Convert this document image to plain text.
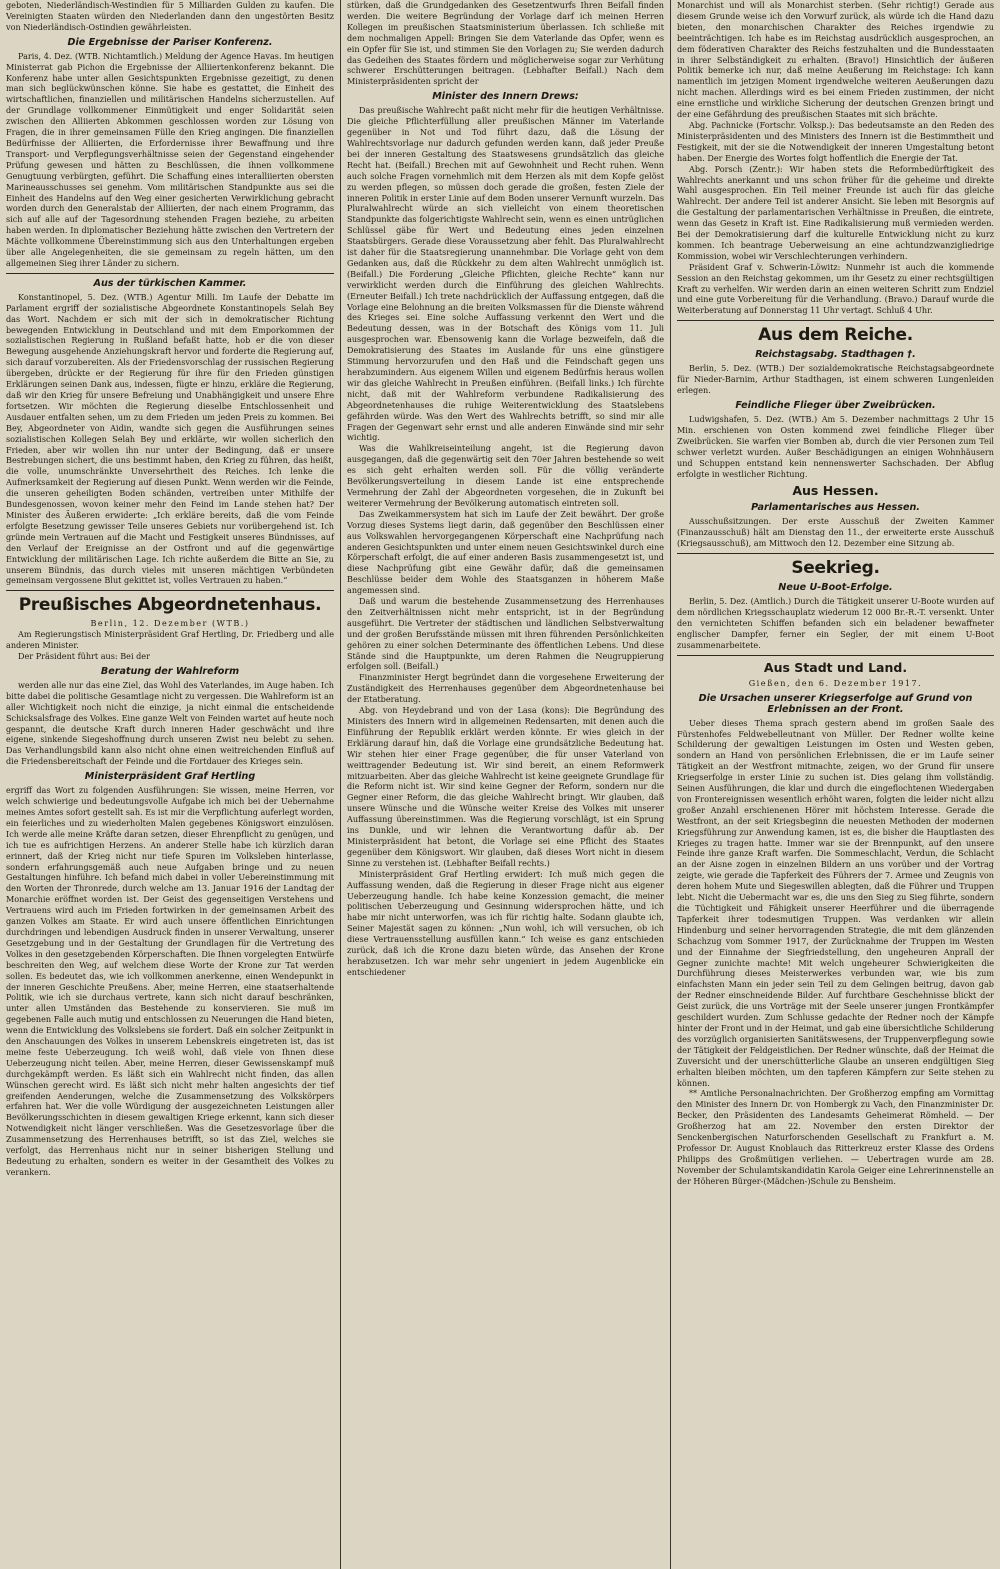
geboten, Niederländisch-Westindien für 5 Milliarden Gulden zu kaufen. Die Vereinigten Staaten würden den Niederlanden dann den ungestörten Besitz von Niederländisch-Ostindien gewährleisten.

Die Ergebnisse der Pariser Konferenz.

Paris, 4. Dez. (WTB. Nichtamtlich.) Meldung der Agence Havas. Im heutigen Ministerrat gab Pichon die Ergebnisse der Alliiertenkonferenz bekannt. Die Konferenz habe unter allen Gesichtspunkten Ergebnisse gezeitigt, zu denen man sich beglückwünschen könne. Sie habe es gestattet, die Einheit des wirtschaftlichen, finanziellen und militärischen Handelns sicherzustellen. Auf der Grundlage vollkommener Einmütigkeit und enger Solidarität seien zwischen den Alliierten Abkommen geschlossen worden zur Lösung von Fragen, die in ihrer gemeinsamen Fülle den Krieg angingen. Die finanziellen Bedürfnisse der Alliierten, die Erfordernisse ihrer Bewaffnung und ihre Transport- und Verpflegungsverhältnisse seien der Gegenstand eingehender Prüfung gewesen und hätten zu Beschlüssen, die ihnen vollkommene Genugtuung verbürgten, geführt. Die Schaffung eines interalliierten obersten Marineausschusses sei genehm. Vom militärischen Standpunkte aus sei die Einheit des Handelns auf den Weg einer gesicherten Verwirklichung gebracht worden durch den Generalstab der Alliierten, der nach einem Programm, das sich auf alle auf der Tagesordnung stehenden Fragen beziehe, zu arbeiten haben werden. In diplomatischer Beziehung hätte zwischen den Vertretern der Mächte vollkommene Übereinstimmung sich aus den Unterhaltungen ergeben über alle Angelegenheiten, die sie gemeinsam zu regeln hätten, um den allgemeinen Sieg ihrer Länder zu sichern.

Aus der türkischen Kammer.

Konstantinopel, 5. Dez. (WTB.) Agentur Milli. Im Laufe der Debatte im Parlament ergriff der sozialistische Abgeordnete Konstantinopels Selah Bey das Wort. Nachdem er sich mit der sich in demokratischer Richtung bewegenden Entwicklung in Deutschland und mit dem Emporkommen der sozialistischen Regierung in Rußland befaßt hatte, hob er die von dieser Bewegung ausgehende Anziehungskraft hervor und forderte die Regierung auf, sich darauf vorzubereiten. Als der Friedensvorschlag der russischen Regierung übergeben, drückte er der Regierung für ihre für den Frieden günstigen Erklärungen seinen Dank aus, indessen, fügte er hinzu, erkläre die Regierung, daß wir den Krieg für unsere Befreiung und Unabhängigkeit und unsere Ehre fortsetzen. Wir möchten die Regierung dieselbe Entschlossenheit und Ausdauer entfalten sehen, um zu dem Frieden um jeden Preis zu kommen. Bei Bey, Abgeordneter von Aidin, wandte sich gegen die Ausführungen seines sozialistischen Kollegen Selah Bey und erklärte, wir wollen sicherlich den Frieden, aber wir wollen ihn nur unter der Bedingung, daß er unsere Bestrebungen sichert, die uns bestimmt haben, den Krieg zu führen, das heißt, die volle, unumschränkte Unversehrtheit des Reiches. Ich lenke die Aufmerksamkeit der Regierung auf diesen Punkt. Wenn werden wir die Feinde, die unseren geheiligten Boden schänden, vertreiben unter Mithilfe der Bundesgenossen, wovon keiner mehr den Feind im Lande stehen hat? Der Minister des Äußeren erwiderte: „Ich erkläre bereits, daß die vom Feinde erfolgte Besetzung gewisser Teile unseres Gebiets nur vorübergehend ist. Ich gründe mein Vertrauen auf die Macht und Festigkeit unseres Bündnisses, auf den Verlauf der Ereignisse an der Ostfront und auf die gegenwärtige Entwicklung der militärischen Lage. Ich richte außerdem die Bitte an Sie, zu unserem Bündnis, das durch vieles mit unseren mächtigen Verbündeten gemeinsam vergossene Blut gekittet ist, volles Vertrauen zu haben.“

Preußisches Abgeordnetenhaus.

Berlin, 12. Dezember (WTB.)

Am Regierungstisch Ministerpräsident Graf Hertling, Dr. Friedberg und alle anderen Minister.

Der Präsident führt aus: Bei der

Beratung der Wahlreform

werden alle nur das eine Ziel, das Wohl des Vaterlandes, im Auge haben. Ich bitte dabei die politische Gesamtlage nicht zu vergessen. Die Wahlreform ist an aller Wichtigkeit noch nicht die einzige, ja nicht einmal die entscheidende Schicksalsfrage des Volkes. Eine ganze Welt von Feinden wartet auf heute noch gespannt, die deutsche Kraft durch inneren Hader geschwächt und ihre eigene, sinkende Siegeshoffnung durch unseren Zwist neu belebt zu sehen. Das Verhandlungsbild kann also nicht ohne einen weitreichenden Einfluß auf die Friedensbereitschaft der Feinde und die Fortdauer des Krieges sein.

Ministerpräsident Graf Hertling

ergriff das Wort zu folgenden Ausführungen: Sie wissen, meine Herren, vor welch schwierige und bedeutungsvolle Aufgabe ich mich bei der Uebernahme meines Amtes sofort gestellt sah. Es ist mir die Verpflichtung auferlegt worden, ein feierliches und zu wiederholten Malen gegebenes Königswort einzulösen. Ich werde alle meine Kräfte daran setzen, dieser Ehrenpflicht zu genügen, und ich tue es aufrichtigen Herzens. An anderer Stelle habe ich kürzlich daran erinnert, daß der Krieg nicht nur tiefe Spuren im Volksleben hinterlasse, sondern erfahrungsgemäß auch neue Aufgaben bringe und zu neuen Gestaltungen hinführe. Ich befand mich dabei in voller Uebereinstimmung mit den Worten der Thronrede, durch welche am 13. Januar 1916 der Landtag der Monarchie eröffnet worden ist. Der Geist des gegenseitigen Verstehens und Vertrauens wird auch im Frieden fortwirken in der gemeinsamen Arbeit des ganzen Volkes am Staate. Er wird auch unsere öffentlichen Einrichtungen durchdringen und lebendigen Ausdruck finden in unserer Verwaltung, unserer Gesetzgebung und in der Gestaltung der Grundlagen für die Vertretung des Volkes in den gesetzgebenden Körperschaften. Die Ihnen vorgelegten Entwürfe beschreiten den Weg, auf welchem diese Worte der Krone zur Tat werden sollen. Es bedeutet das, wie ich vollkommen anerkenne, einen Wendepunkt in der inneren Geschichte Preußens. Aber, meine Herren, eine staatserhaltende Politik, wie ich sie durchaus vertrete, kann sich nicht darauf beschränken, unter allen Umständen das Bestehende zu konservieren. Sie muß im gegebenen Falle auch mutig und entschlossen zu Neuerungen die Hand bieten, wenn die Entwicklung des Volkslebens sie fordert. Daß ein solcher Zeitpunkt in den Anschauungen des Volkes in unserem Lebenskreis eingetreten ist, das ist meine feste Ueberzeugung. Ich weiß wohl, daß viele von Ihnen diese Ueberzeugung nicht teilen. Aber, meine Herren, dieser Gewissenskampf muß durchgekämpft werden. Es läßt sich ein Wahlrecht nicht finden, das allen Wünschen gerecht wird. Es läßt sich nicht mehr halten angesichts der tief greifenden Aenderungen, welche die Zusammensetzung des Volkskörpers erfahren hat. Wer die volle Würdigung der ausgezeichneten Leistungen aller Bevölkerungsschichten in diesem gewaltigen Kriege erkennt, kann sich dieser Notwendigkeit nicht länger verschließen. Was die Gesetzesvorlage über die Zusammensetzung des Herrenhauses betrifft, so ist das Ziel, welches sie verfolgt, das Herrenhaus nicht nur in seiner bisherigen Stellung und Bedeutung zu erhalten, sondern es weiter in der Gesamtheit des Volkes zu verankern.

stürken, daß die Grundgedanken des Gesetzentwurfs Ihren Beifall finden werden. Die weitere Begründung der Vorlage darf ich meinen Herren Kollegen im preußischen Staatsministerium überlassen. Ich schließe mit dem nochmaligen Appell: Bringen Sie dem Vaterlande das Opfer, wenn es ein Opfer für Sie ist, und stimmen Sie den Vorlagen zu; Sie werden dadurch das Gedeihen des Staates fördern und möglicherweise sogar zur Verhütung schwerer Erschütterungen beitragen. (Lebhafter Beifall.) Nach dem Ministerpräsidenten spricht der

Minister des Innern Drews:

Das preußische Wahlrecht paßt nicht mehr für die heutigen Verhältnisse. Die gleiche Pflichterfüllung aller preußischen Männer im Vaterlande gegenüber in Not und Tod führt dazu, daß die Lösung der Wahlrechtsvorlage nur dadurch gefunden werden kann, daß jeder Preuße bei der inneren Gestaltung des Staatswesens grundsätzlich das gleiche Recht hat. (Beifall.) Brechen mit auf Gewohnheit und Recht ruhen. Wenn auch solche Fragen vornehmlich mit dem Herzen als mit dem Kopfe gelöst zu werden pflegen, so müssen doch gerade die großen, festen Ziele der inneren Politik in erster Linie auf dem Boden unserer Vernunft wurzeln. Das Pluralwahlrecht würde an sich vielleicht von einem theoretischen Standpunkte das folgerichtigste Wahlrecht sein, wenn es einen untrüglichen Schlüssel gäbe für Wert und Bedeutung eines jeden einzelnen Staatsbürgers. Gerade diese Voraussetzung aber fehlt. Das Pluralwahlrecht ist daher für die Staatsregierung unannehmbar. Die Vorlage geht von dem Gedanken aus, daß die Rückkehr zu dem alten Wahlrecht unmöglich ist. (Beifall.) Die Forderung „Gleiche Pflichten, gleiche Rechte“ kann nur verwirklicht werden durch die Einführung des gleichen Wahlrechts. (Erneuter Beifall.) Ich trete nachdrücklich der Auffassung entgegen, daß die Vorlage eine Belohnung an die breiten Volksmassen für die Dienste während des Krieges sei. Eine solche Auffassung verkennt den Wert und die Bedeutung dessen, was in der Botschaft des Königs vom 11. Juli ausgesprochen war. Ebensowenig kann die Vorlage bezweifeln, daß die Demokratisierung des Staates im Auslande für uns eine günstigere Stimmung hervorzurufen und den Haß und die Feindschaft gegen uns herabzumindern. Aus eigenem Willen und eigenem Bedürfnis heraus wollen wir das gleiche Wahlrecht in Preußen einführen. (Beifall links.) Ich fürchte nicht, daß mit der Wahlreform verbundene Radikalisierung des Abgeordnetenhauses die ruhige Weiterentwicklung des Staatslebens gefährden würde. Was den Wert des Wahlrechts betrifft, so sind mir alle Fragen der Gegenwart sehr ernst und alle anderen Einwände sind mir sehr wichtig.

Was die Wahlkreiseinteilung angeht, ist die Regierung davon ausgegangen, daß die gegenwärtig seit den 70er Jahren bestehende so weit es sich geht erhalten werden soll. Für die völlig veränderte Bevölkerungsverteilung in diesem Lande ist eine entsprechende Vermehrung der Zahl der Abgeordneten vorgesehen, die in Zukunft bei weiterer Vermehrung der Bevölkerung automatisch eintreten soll.

Das Zweikammersystem hat sich im Laufe der Zeit bewährt. Der große Vorzug dieses Systems liegt darin, daß gegenüber den Beschlüssen einer aus Volkswahlen hervorgegangenen Körperschaft eine Nachprüfung nach anderen Gesichtspunkten und unter einem neuen Gesichtswinkel durch eine Körperschaft erfolgt, die auf einer anderen Basis zusammengesetzt ist, und diese Nachprüfung gibt eine Gewähr dafür, daß die gemeinsamen Beschlüsse beider dem Wohle des Staatsganzen in höherem Maße angemessen sind.

Daß und warum die bestehende Zusammensetzung des Herrenhauses den Zeitverhältnissen nicht mehr entspricht, ist in der Begründung ausgeführt. Die Vertreter der städtischen und ländlichen Selbstverwaltung und der großen Berufsstände müssen mit ihren führenden Persönlichkeiten gehören zu einer solchen Determinante des öffentlichen Lebens. Und diese Stände sind die Hauptpunkte, um deren Rahmen die Neugruppierung erfolgen soll. (Beifall.)

Finanzminister Hergt begründet dann die vorgesehene Erweiterung der Zuständigkeit des Herrenhauses gegenüber dem Abgeordnetenhause bei der Etatberatung.

Abg. von Heydebrand und von der Lasa (kons): Die Begründung des Ministers des Innern wird in allgemeinen Redensarten, mit denen auch die Einführung der Republik erklärt werden könnte. Er wies gleich in der Erklärung darauf hin, daß die Vorlage eine grundsätzliche Bedeutung hat. Wir stehen hier einer Frage gegenüber, die für unser Vaterland von weittragender Bedeutung ist. Wir sind bereit, an einem Reformwerk mitzuarbeiten. Aber das gleiche Wahlrecht ist keine geeignete Grundlage für die Reform nicht ist. Wir sind keine Gegner der Reform, sondern nur die Gegner einer Reform, die das gleiche Wahlrecht bringt. Wir glauben, daß unsere Wünsche und die Wünsche weiter Kreise des Volkes mit unserer Auffassung übereinstimmen. Was die Regierung vorschlägt, ist ein Sprung ins Dunkle, und wir lehnen die Verantwortung dafür ab. Der Ministerpräsident hat betont, die Vorlage sei eine Pflicht des Staates gegenüber dem Königswort. Wir glauben, daß dieses Wort nicht in diesem Sinne zu verstehen ist. (Lebhafter Beifall rechts.)

Ministerpräsident Graf Hertling erwidert: Ich muß mich gegen die Auffassung wenden, daß die Regierung in dieser Frage nicht aus eigener Ueberzeugung handle. Ich habe keine Konzession gemacht, die meiner politischen Ueberzeugung und Gesinnung widersprochen hätte, und ich habe mir nicht unterworfen, was ich für richtig halte. Sodann glaubte ich, Seiner Majestät sagen zu können: „Nun wohl, ich will versuchen, ob ich diese Vertrauensstellung ausfüllen kann.“ Ich weise es ganz entschieden zurück, daß ich die Krone dazu bieten würde, das Ansehen der Krone herabzusetzen. Ich war mehr sehr ungeniert in jedem Augenblicke ein entschiedener

Monarchist und will als Monarchist sterben. (Sehr richtig!) Gerade aus diesem Grunde weise ich den Vorwurf zurück, als würde ich die Hand dazu bieten, den monarchischen Charakter des Reiches irgendwie zu beeinträchtigen. Ich habe es im Reichstag ausdrücklich ausgesprochen, an dem föderativen Charakter des Reichs festzuhalten und die Bundesstaaten in ihrer Selbständigkeit zu erhalten. (Bravo!) Hinsichtlich der äußeren Politik bemerke ich nur, daß meine Aeußerung im Reichstage: Ich kann namentlich im jetzigen Moment irgendwelche weiteren Aeußerungen dazu nicht machen. Allerdings wird es bei einem Frieden zustimmen, der nicht eine ernstliche und wirkliche Sicherung der deutschen Grenzen bringt und der eine Gefährdung des preußischen Staates mit sich brächte.

Abg. Pachnicke (Fortschr. Volksp.): Das bedeutsamste an den Reden des Ministerpräsidenten und des Ministers des Innern ist die Bestimmtheit und Festigkeit, mit der sie die Notwendigkeit der inneren Umgestaltung betont haben. Der Energie des Wortes folgt hoffentlich die Energie der Tat.

Abg. Porsch (Zentr.): Wir haben stets die Reformbedürftigkeit des Wahlrechts anerkannt und uns schon früher für die geheime und direkte Wahl ausgesprochen. Ein Teil meiner Freunde ist auch für das gleiche Wahlrecht. Der andere Teil ist anderer Ansicht. Sie leben mit Besorgnis auf die Gestaltung der parlamentarischen Verhältnisse in Preußen, die eintrete, wenn das Gesetz in Kraft ist. Eine Radikalisierung muß vermieden werden. Bei der Demokratisierung darf die kulturelle Entwicklung nicht zu kurz kommen. Ich beantrage Ueberweisung an eine achtundzwanzigliedrige Kommission, wobei wir Verschlechterungen verhindern.

Präsident Graf v. Schwerin-Löwitz: Nunmehr ist auch die kommende Session an den Reichstag gekommen, um ihr Gesetz zu einer rechtsgültigen Kraft zu verhelfen. Wir werden darin an einen weiteren Schritt zum Endziel und eine gute Vorbereitung für die Verhandlung. (Bravo.) Darauf wurde die Weiterberatung auf Donnerstag 11 Uhr vertagt. Schluß 4 Uhr.

Aus dem Reiche.
Reichstagsabg. Stadthagen †.

Berlin, 5. Dez. (WTB.) Der sozialdemokratische Reichstagsabgeordnete für Nieder-Barnim, Arthur Stadthagen, ist einem schweren Lungenleiden erlegen.

Feindliche Flieger über Zweibrücken.

Ludwigshafen, 5. Dez. (WTB.) Am 5. Dezember nachmittags 2 Uhr 15 Min. erschienen von Osten kommend zwei feindliche Flieger über Zweibrücken. Sie warfen vier Bomben ab, durch die vier Personen zum Teil schwer verletzt wurden. Außer Beschädigungen an einigen Wohnhäusern und Schuppen entstand kein nennenswerter Sachschaden. Der Abflug erfolgte in westlicher Richtung.

Aus Hessen.
Parlamentarisches aus Hessen.

Ausschußsitzungen. Der erste Ausschuß der Zweiten Kammer (Finanzausschuß) hält am Dienstag den 11., der erweiterte erste Ausschuß (Kriegsausschuß), am Mittwoch den 12. Dezember eine Sitzung ab.

Seekrieg.
Neue U-Boot-Erfolge.

Berlin, 5. Dez. (Amtlich.) Durch die Tätigkeit unserer U-Boote wurden auf dem nördlichen Kriegsschauplatz wiederum 12 000 Br.-R.-T. versenkt. Unter den vernichteten Schiffen befanden sich ein beladener bewaffneter englischer Dampfer, ferner ein Segler, der mit einem U-Boot zusammenarbeitete.

Aus Stadt und Land.

Gießen, den 6. Dezember 1917.

Die Ursachen unserer Kriegserfolge auf Grund von Erlebnissen an der Front.

Ueber dieses Thema sprach gestern abend im großen Saale des Fürstenhofes Feldwebelleutnant von Müller. Der Redner wollte keine Schilderung der gewaltigen Leistungen im Osten und Westen geben, sondern an Hand von persönlichen Erlebnissen, die er im Laufe seiner Tätigkeit an der Westfront mitmachte, zeigen, wo der Grund für unsere Kriegserfolge in erster Linie zu suchen ist. Dies gelang ihm vollständig. Seinen Ausführungen, die klar und durch die eingeflochtenen Wiedergaben von Frontereignissen wesentlich erhöht waren, folgten die leider nicht allzu großer Anzahl erschienenen Hörer mit höchstem Interesse. Gerade die Westfront, an der seit Kriegsbeginn die neuesten Methoden der modernen Kriegsführung zur Anwendung kamen, ist es, die bisher die Hauptlasten des Krieges zu tragen hatte. Immer war sie der Brennpunkt, auf den unsere Feinde ihre ganze Kraft warfen. Die Sommeschlacht, Verdun, die Schlacht an der Aisne zogen in einzelnen Bildern an uns vorüber und der Vortrag zeigte, wie gerade die Tapferkeit des Führers der 7. Armee und Zeugnis von deren hohem Mute und Siegeswillen ablegten, daß die Führer und Truppen lebt. Nicht die Uebermacht war es, die uns den Sieg zu Sieg führte, sondern die Tüchtigkeit und Fähigkeit unserer Heerführer und die überragende Tapferkeit ihrer todesmutigen Truppen. Was verdanken wir allein Hindenburg und seiner hervorragenden Strategie, die mit dem glänzenden Schachzug vom Sommer 1917, der Zurücknahme der Truppen im Westen und der Einnahme der Siegfriedstellung, den ungeheuren Anprall der Gegner zunichte machte! Mit welch ungeheurer Schwierigkeiten die Durchführung dieses Meisterwerkes verbunden war, wie bis zum einfachsten Mann ein jeder sein Teil zu dem Gelingen beitrug, davon gab der Redner einschneidende Bilder. Auf furchtbare Geschehnisse blickt der Geist zurück, die uns Vorträge mit der Seele unserer jungen Frontkämpfer geschildert wurden. Zum Schlusse gedachte der Redner noch der Kämpfe hinter der Front und in der Heimat, und gab eine übersichtliche Schilderung des vorzüglich organisierten Sanitätswesens, der Truppenverpflegung sowie der Tätigkeit der Feldgeistlichen. Der Redner wünschte, daß der Heimat die Zuversicht und der unerschütterliche Glaube an unseren endgültigen Sieg erhalten bleiben möchten, um den tapferen Kämpfern zur Seite stehen zu können.

** Amtliche Personalnachrichten. Der Großherzog empfing am Vormittag den Minister des Innern Dr. von Hombergk zu Vach, den Finanzminister Dr. Becker, den Präsidenten des Landesamts Geheimerat Römheld. — Der Großherzog hat am 22. November den ersten Direktor der Senckenbergischen Naturforschenden Gesellschaft zu Frankfurt a. M. Professor Dr. August Knoblauch das Ritterkreuz erster Klasse des Ordens Philipps des Großmütigen verliehen. — Uebertragen wurde am 28. November der Schulamtskandidatin Karola Geiger eine Lehrerinnenstelle an der Höheren Bürger-(Mädchen-)Schule zu Bensheim.
